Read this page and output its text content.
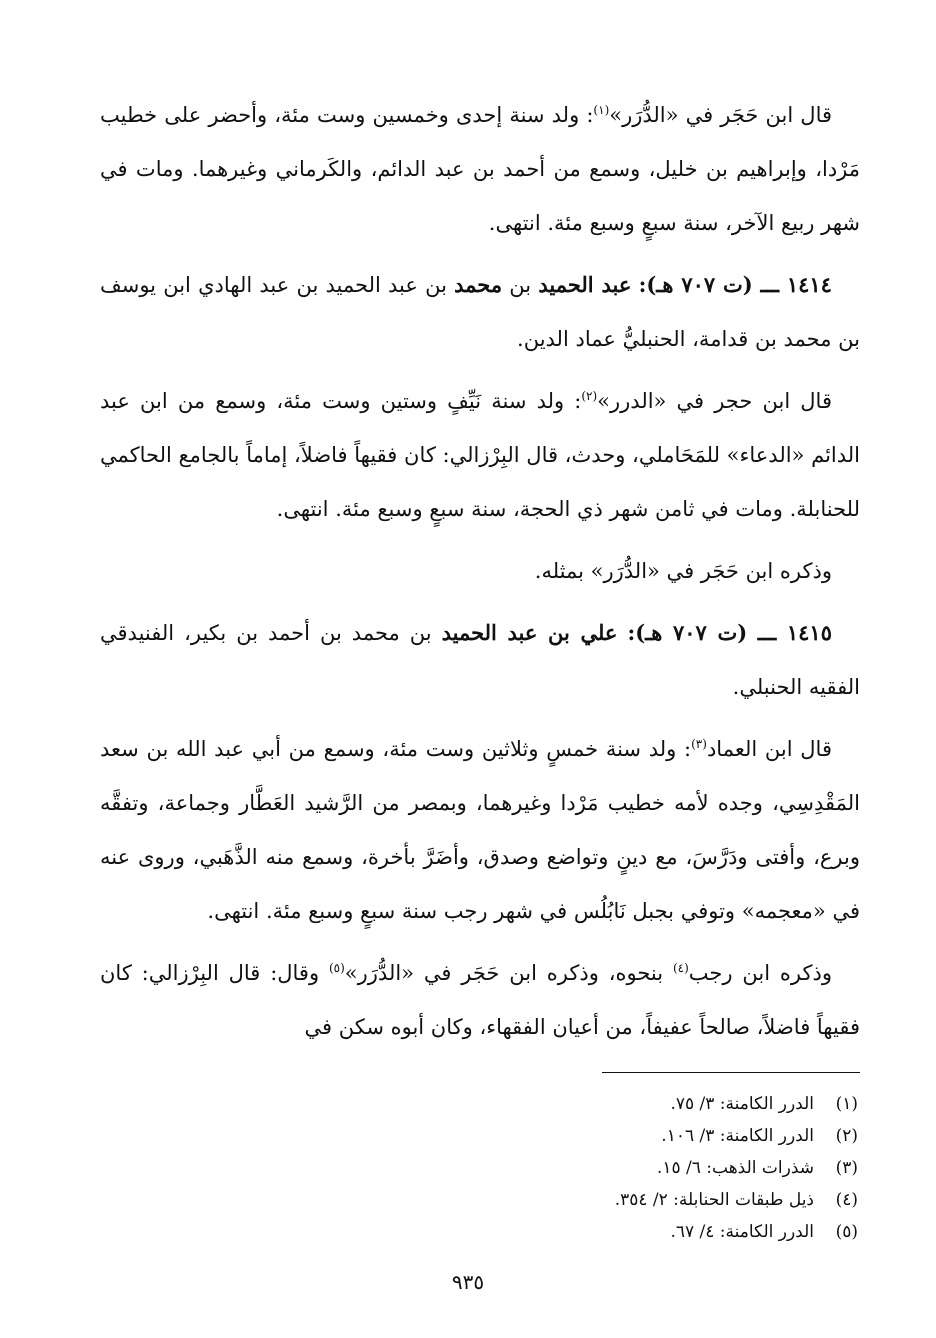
قال ابن حَجَر في «الدُّرَر»$^{(١)}$: ولد سنة إحدى وخمسين وست مئة، وأحضر على خطيب مَرْدا، وإبراهيم بن خليل، وسمع من أحمد بن عبد الدائم، والكَرماني وغيرهما. ومات في شهر ربيع الآخر، سنة سبعٍ وسبع مئة. انتهى.

١٤١٤ ـــ (ت ٧٠٧ هـ): عبد الحميد بن محمد بن عبد الحميد بن عبد الهادي ابن يوسف بن محمد بن قدامة، الحنبليُّ عماد الدين.

قال ابن حجر في «الدرر»$^{(٢)}$: ولد سنة نَيِّفٍ وستين وست مئة، وسمع من ابن عبد الدائم «الدعاء» للمَحَاملي، وحدث، قال البِرْزالي: كان فقيهاً فاضلاً، إماماً بالجامع الحاكمي للحنابلة. ومات في ثامن شهر ذي الحجة، سنة سبعٍ وسبع مئة. انتهى.

وذكره ابن حَجَر في «الدُّرَر» بمثله.

١٤١٥ ـــ (ت ٧٠٧ هـ): علي بن عبد الحميد بن محمد بن أحمد بن بكير، الفنيدقي الفقيه الحنبلي.

قال ابن العماد$^{(٣)}$: ولد سنة خمسٍ وثلاثين وست مئة، وسمع من أبي عبد الله بن سعد المَقْدِسِي، وجده لأمه خطيب مَرْدا وغيرهما، وبمصر من الرَّشيد العَطَّار وجماعة، وتفقَّه وبرع، وأفتى ودَرَّسَ، مع دينٍ وتواضع وصدق، وأضَرَّ بأخرة، وسمع منه الذَّهَبي، وروى عنه في «معجمه» وتوفي بجبل نَابُلُس في شهر رجب سنة سبعٍ وسبع مئة. انتهى.

وذكره ابن رجب$^{(٤)}$ بنحوه، وذكره ابن حَجَر في «الدُّرَر»$^{(٥)}$ وقال: قال البِرْزالي: كان فقيهاً فاضلاً، صالحاً عفيفاً، من أعيان الفقهاء، وكان أبوه سكن في

(١)
الدرر الكامنة: ٣/ ٧٥.
(٢)
الدرر الكامنة: ٣/ ١٠٦.
(٣)
شذرات الذهب: ٦/ ١٥.
(٤)
ذيل طبقات الحنابلة: ٢/ ٣٥٤.
(٥)
الدرر الكامنة: ٤/ ٦٧.
٩٣٥
